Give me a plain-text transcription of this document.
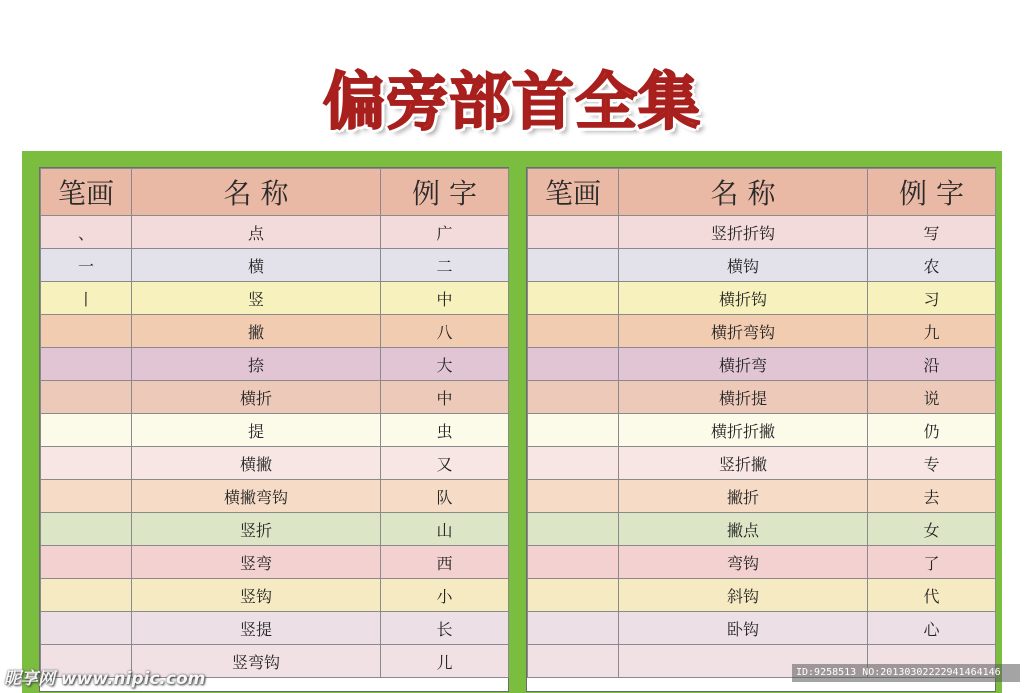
偏旁部首全集
笔画	名 称	例 字
、	点	广
一	横	二
丨	竖	中
	撇	八
	捺	大
	横折	中
	提	虫
	横撇	又
	横撇弯钩	队
	竖折	山
	竖弯	西
	竖钩	小
	竖提	长
	竖弯钩	儿
笔画	名 称	例 字
	竖折折钩	写
	横钩	农
	横折钩	习
	横折弯钩	九
	横折弯	沿
	横折提	说
	横折折撇	仍
	竖折撇	专
	撇折	去
	撇点	女
	弯钩	了
	斜钩	代
	卧钩	心

昵享网 www.nipic.com	ID:9258513 NO:20130302222941464146
